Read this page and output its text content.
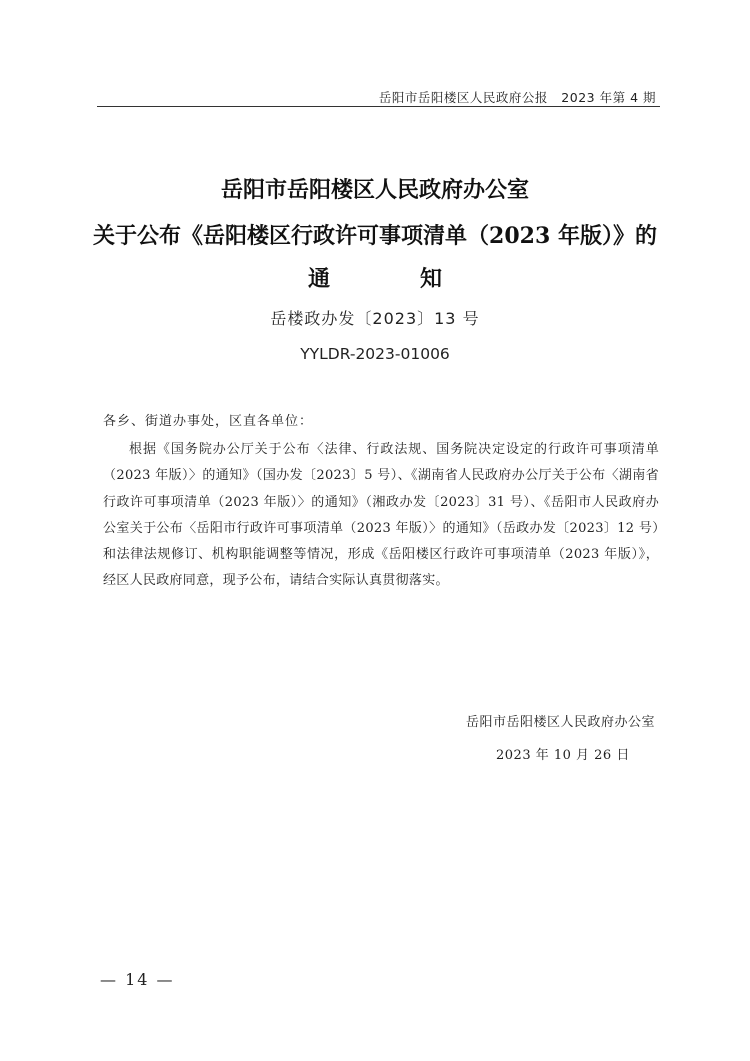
岳阳市岳阳楼区人民政府公报   2023 年第 4 期
岳阳市岳阳楼区人民政府办公室
关于公布《岳阳楼区行政许可事项清单（2023 年版）》的
通	知
岳楼政办发〔2023〕13 号
YYLDR-2023-01006
各乡、街道办事处，区直各单位：
根据《国务院办公厅关于公布〈法律、行政法规、国务院决定设定的行政许可事项清单（2023 年版）〉的通知》（国办发〔2023〕5 号）、《湖南省人民政府办公厅关于公布〈湖南省行政许可事项清单（2023 年版）〉的通知》（湘政办发〔2023〕31 号）、《岳阳市人民政府办公室关于公布〈岳阳市行政许可事项清单（2023 年版）〉的通知》（岳政办发〔2023〕12 号）和法律法规修订、机构职能调整等情况，形成《岳阳楼区行政许可事项清单（2023 年版）》，经区人民政府同意，现予公布，请结合实际认真贯彻落实。
岳阳市岳阳楼区人民政府办公室
2023 年 10 月 26 日
— 14 —
